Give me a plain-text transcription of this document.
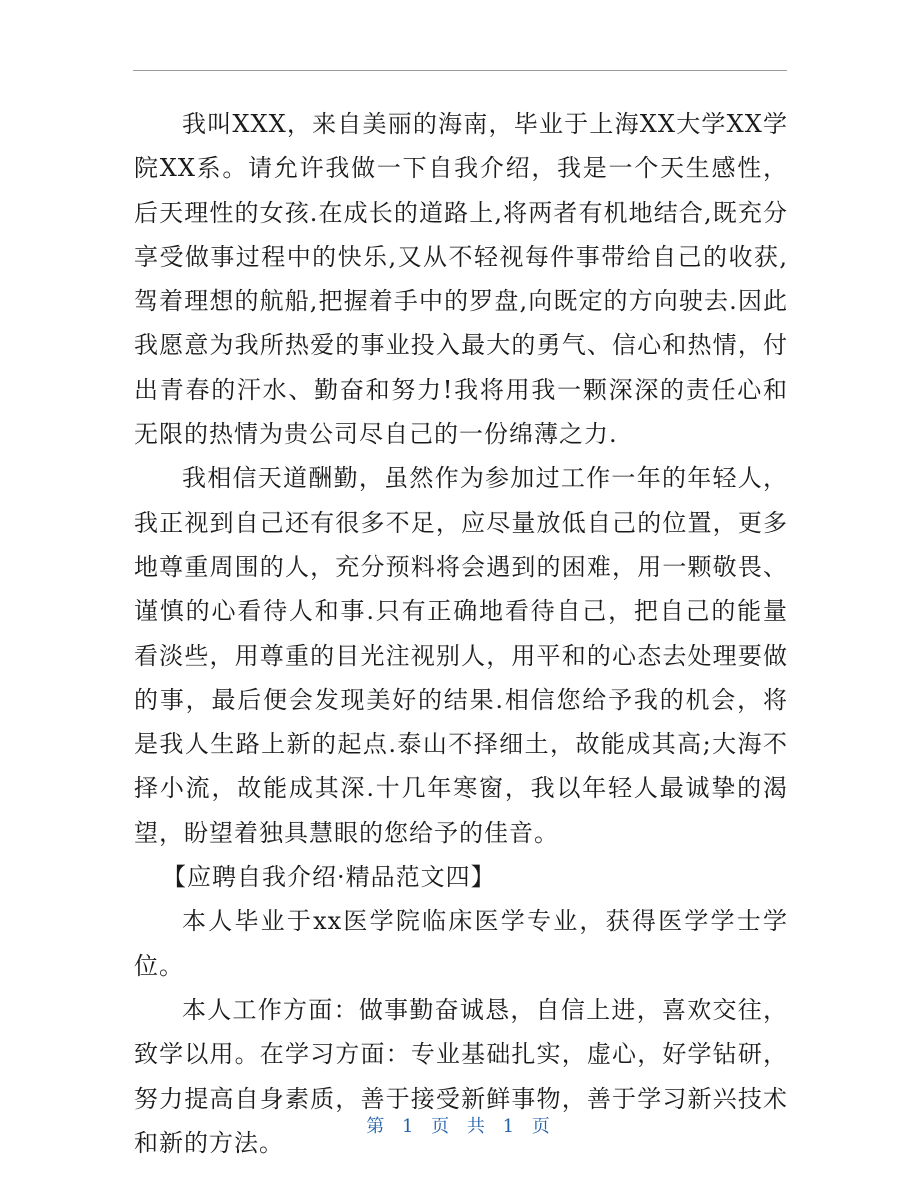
我叫XXX，来自美丽的海南，毕业于上海XX大学XX学院XX系。请允许我做一下自我介绍，我是一个天生感性，后天理性的女孩.在成长的道路上,将两者有机地结合,既充分享受做事过程中的快乐,又从不轻视每件事带给自己的收获,驾着理想的航船,把握着手中的罗盘,向既定的方向驶去.因此我愿意为我所热爱的事业投入最大的勇气、信心和热情，付出青春的汗水、勤奋和努力!我将用我一颗深深的责任心和无限的热情为贵公司尽自己的一份绵薄之力.

我相信天道酬勤，虽然作为参加过工作一年的年轻人，我正视到自己还有很多不足，应尽量放低自己的位置，更多地尊重周围的人，充分预料将会遇到的困难，用一颗敬畏、谨慎的心看待人和事.只有正确地看待自己，把自己的能量看淡些，用尊重的目光注视别人，用平和的心态去处理要做的事，最后便会发现美好的结果.相信您给予我的机会，将是我人生路上新的起点.泰山不择细土，故能成其高;大海不择小流，故能成其深.十几年寒窗，我以年轻人最诚挚的渴望，盼望着独具慧眼的您给予的佳音。

【应聘自我介绍·精品范文四】

本人毕业于xx医学院临床医学专业，获得医学学士学位。

本人工作方面：做事勤奋诚恳，自信上进，喜欢交往，致学以用。在学习方面：专业基础扎实，虚心，好学钻研，努力提高自身素质，善于接受新鲜事物，善于学习新兴技术和新的方法。

第 1 页 共 1 页
